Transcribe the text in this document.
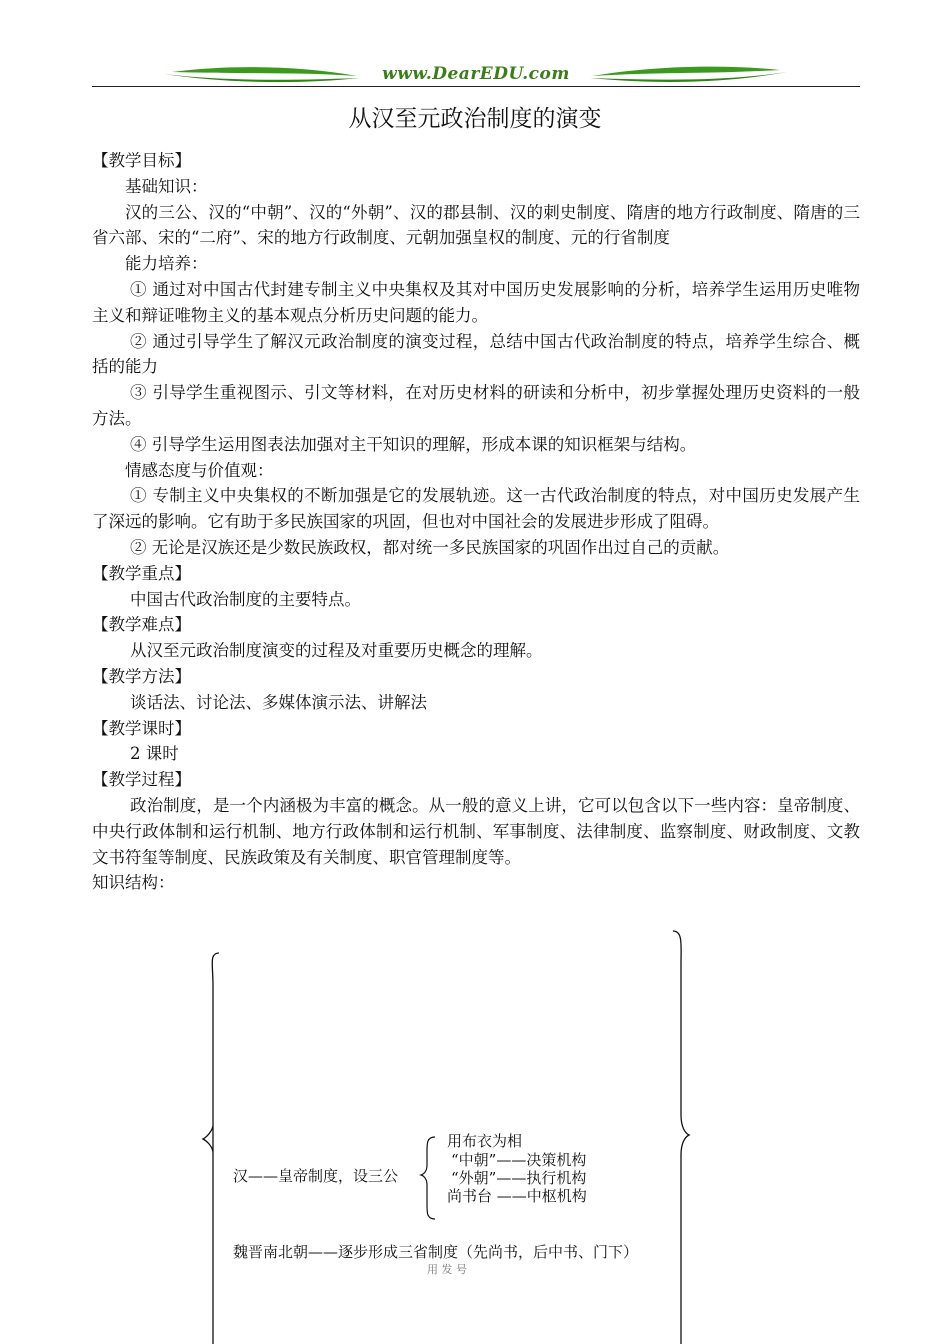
www.DearEDU.com
从汉至元政治制度的演变

【教学目标】

基础知识：

汉的三公、汉的“中朝”、汉的“外朝”、汉的郡县制、汉的刺史制度、隋唐的地方行政制度、隋唐的三省六部、宋的“二府”、宋的地方行政制度、元朝加强皇权的制度、元的行省制度

能力培养：

① 通过对中国古代封建专制主义中央集权及其对中国历史发展影响的分析，培养学生运用历史唯物主义和辩证唯物主义的基本观点分析历史问题的能力。

② 通过引导学生了解汉元政治制度的演变过程，总结中国古代政治制度的特点，培养学生综合、概括的能力

③ 引导学生重视图示、引文等材料，在对历史材料的研读和分析中，初步掌握处理历史资料的一般方法。

④ 引导学生运用图表法加强对主干知识的理解，形成本课的知识框架与结构。

情感态度与价值观：

① 专制主义中央集权的不断加强是它的发展轨迹。这一古代政治制度的特点，对中国历史发展产生了深远的影响。它有助于多民族国家的巩固，但也对中国社会的发展进步形成了阻碍。

② 无论是汉族还是少数民族政权，都对统一多民族国家的巩固作出过自己的贡献。

【教学重点】

中国古代政治制度的主要特点。

【教学难点】

从汉至元政治制度演变的过程及对重要历史概念的理解。

【教学方法】

谈话法、讨论法、多媒体演示法、讲解法

【教学课时】

2 课时

【教学过程】

政治制度，是一个内涵极为丰富的概念。从一般的意义上讲，它可以包含以下一些内容：皇帝制度、中央行政体制和运行机制、地方行政体制和运行机制、军事制度、法律制度、监察制度、财政制度、文教文书符玺等制度、民族政策及有关制度、职官管理制度等。

知识结构：

汉——皇帝制度，设三公
用布衣为相
“中朝”——决策机构
“外朝”——执行机构
尚书台 ——中枢机构
魏晋南北朝——逐步形成三省制度（先尚书，后中书、门下）
用 发 号
